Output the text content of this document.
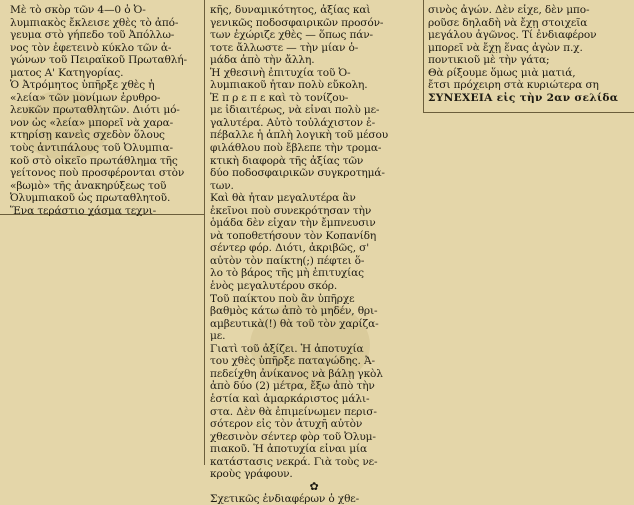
Μὲ τὸ σκὸρ τῶν 4—0 ὁ Ὀ-
λυμπιακὸς ἔκλεισε χθὲς τὸ ἀπό-
γευμα στὸ γήπεδο τοῦ Ἀπόλλω-
νος τὸν ἐφετεινὸ κύκλο τῶν ἀ-
γώνων τοῦ Πειραϊκοῦ Πρωταθλή-
ματος Α' Κατηγορίας.
Ὁ Ἀτρόμητος ὑπῆρξε χθὲς ἡ
«λεία» τῶν μονίμων ἐρυθρο-
λευκῶν πρωταθλητῶν. Διότι μό-
νον ὡς «λεία» μπορεῖ νὰ χαρα-
κτηρίσῃ κανεὶς σχεδὸν ὅλους
τοὺς ἀντιπάλους τοῦ Ὀλυμπια-
κοῦ στὸ οἰκεῖο πρωτάθλημα τῆς
γείτονος ποὺ προσφέρονται στὸν
«βωμὸ» τῆς ἀνακηρύξεως τοῦ
Ὀλυμπιακοῦ ὡς πρωταθλητοῦ.
Ἕνα τεράστιο χάσμα τεχνι-
κῆς, δυναμικότητος, ἀξίας καὶ
γενικῶς ποδοσφαιρικῶν προσόν-
των ἐχώριζε χθὲς — ὅπως πάν-
τοτε ἄλλωστε — τὴν μίαν ὁ-
μάδα ἀπὸ τὴν ἄλλη.
Ἡ χθεσινὴ ἐπιτυχία τοῦ Ὀ-
λυμπιακοῦ ἦταν πολὺ εὔκολη.
Ἐ π ρ ε π ε καὶ τὸ τονίζου-
με ἰδιαιτέρως, νὰ εἶναι πολὺ με-
γαλυτέρα. Αὐτὸ τοὐλάχιστον ἐ-
πέβαλλε ἡ ἁπλὴ λογικὴ τοῦ μέσου
φιλάθλου ποὺ ἔβλεπε τὴν τρομα-
κτικὴ διαφορὰ τῆς ἀξίας τῶν
δύο ποδοσφαιρικῶν συγκροτημά-
των.
Καὶ θὰ ἦταν μεγαλυτέρα ἂν
ἐκεῖνοι ποὺ συνεκρότησαν τὴν
ὁμάδα δὲν εἶχαν τὴν ἔμπνευσιν
νὰ τοποθετήσουν τὸν Κοπανίδη
σέντερ φόρ. Διότι, ἀκριβῶς, σ'
αὐτὸν τὸν παίκτη(;) πέφτει ὅ-
λο τὸ βάρος τῆς μὴ ἐπιτυχίας
ἑνὸς μεγαλυτέρου σκόρ.
Τοῦ παίκτου ποὺ ἂν ὑπῆρχε
βαθμὸς κάτω ἀπὸ τὸ μηδέν, θρι-
αμβευτικὰ(!) θὰ τοῦ τὸν χαρίζα-
με.
Γιατὶ τοῦ ἀξίζει. Ἡ ἀποτυχία
του χθὲς ὑπῆρξε παταγώδης. Ἀ-
πεδείχθη ἀνίκανος νὰ βάλῃ γκὸλ
ἀπὸ δύο (2) μέτρα, ἔξω ἀπὸ τὴν
ἑστία καὶ ἀμαρκάριστος μάλι-
στα. Δὲν θὰ ἐπιμείνωμεν περισ-
σότερον εἰς τὸν ἀτυχῆ αὐτὸν
χθεσινὸν σέντερ φὸρ τοῦ Ὀλυμ-
πιακοῦ. Ἡ ἀποτυχία εἶναι μία
κατάστασις νεκρά. Γιὰ τοὺς νε-
κροὺς γράφουν.
✿
Σχετικῶς ἐνδιαφέρων ὁ χθε-
σινὸς ἀγών. Δὲν εἶχε, δὲν μπο-
ροῦσε δηλαδὴ νὰ ἔχῃ στοιχεῖα
μεγάλου ἀγῶνος. Τί ἐνδιαφέρον
μπορεῖ νὰ ἔχῃ ἕνας ἀγὼν π.χ.
ποντικιοῦ μὲ τὴν γάτα;
Θὰ ρίξουμε ὅμως μιὰ ματιά,
ἔτσι πρόχειρη στὰ κυριώτερα ση
ΣΥΝΕΧΕΙΑ εἰς τὴν 2αν σελίδα
